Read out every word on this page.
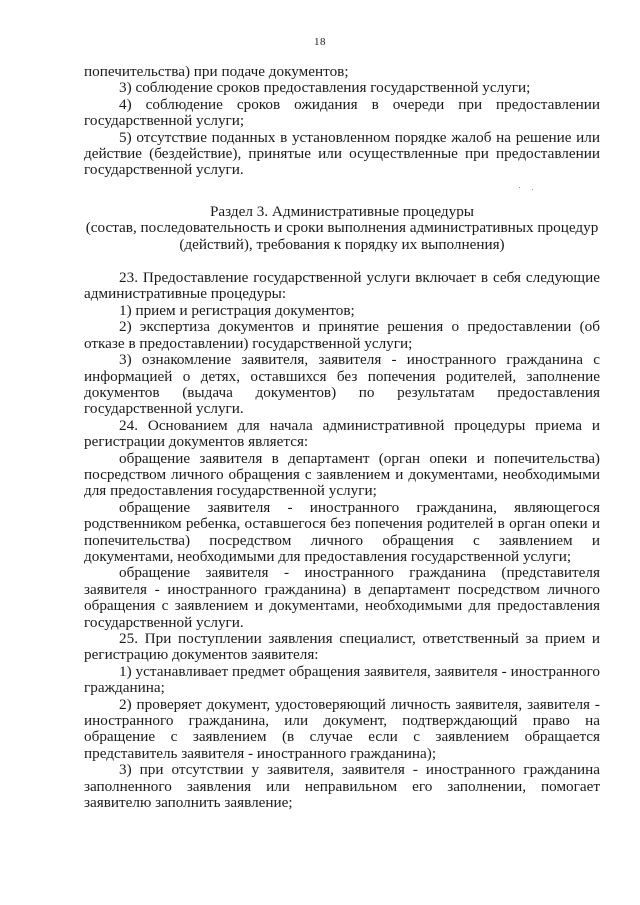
18

попечительства) при подаче документов;

3) соблюдение сроков предоставления государственной услуги;

4) соблюдение сроков ожидания в очереди при предоставлении государственной услуги;

5) отсутствие поданных в установленном порядке жалоб на решение или действие (бездействие), принятые или осуществленные при предоставлении государственной услуги.

Раздел 3. Административные процедуры

(состав, последовательность и сроки выполнения административных процедур (действий), требования к порядку их выполнения)

23. Предоставление государственной услуги включает в себя следующие административные процедуры:

1) прием и регистрация документов;

2) экспертиза документов и принятие решения о предоставлении (об отказе в предоставлении) государственной услуги;

3) ознакомление заявителя, заявителя - иностранного гражданина с информацией о детях, оставшихся без попечения родителей, заполнение документов (выдача документов) по результатам предоставления государственной услуги.

24. Основанием для начала административной процедуры приема и регистрации документов является:

обращение заявителя в департамент (орган опеки и попечительства) посредством личного обращения с заявлением и документами, необходимыми для предоставления государственной услуги;

обращение заявителя - иностранного гражданина, являющегося родственником ребенка, оставшегося без попечения родителей в орган опеки и попечительства) посредством личного обращения с заявлением и документами, необходимыми для предоставления государственной услуги;

обращение заявителя - иностранного гражданина (представителя заявителя - иностранного гражданина) в департамент посредством личного обращения с заявлением и документами, необходимыми для предоставления государственной услуги.

25. При поступлении заявления специалист, ответственный за прием и регистрацию документов заявителя:

1) устанавливает предмет обращения заявителя, заявителя - иностранного гражданина;

2) проверяет документ, удостоверяющий личность заявителя, заявителя - иностранного гражданина, или документ, подтверждающий право на обращение с заявлением (в случае если с заявлением обращается представитель заявителя - иностранного гражданина);

3) при отсутствии у заявителя, заявителя - иностранного гражданина заполненного заявления или неправильном его заполнении, помогает заявителю заполнить заявление;
